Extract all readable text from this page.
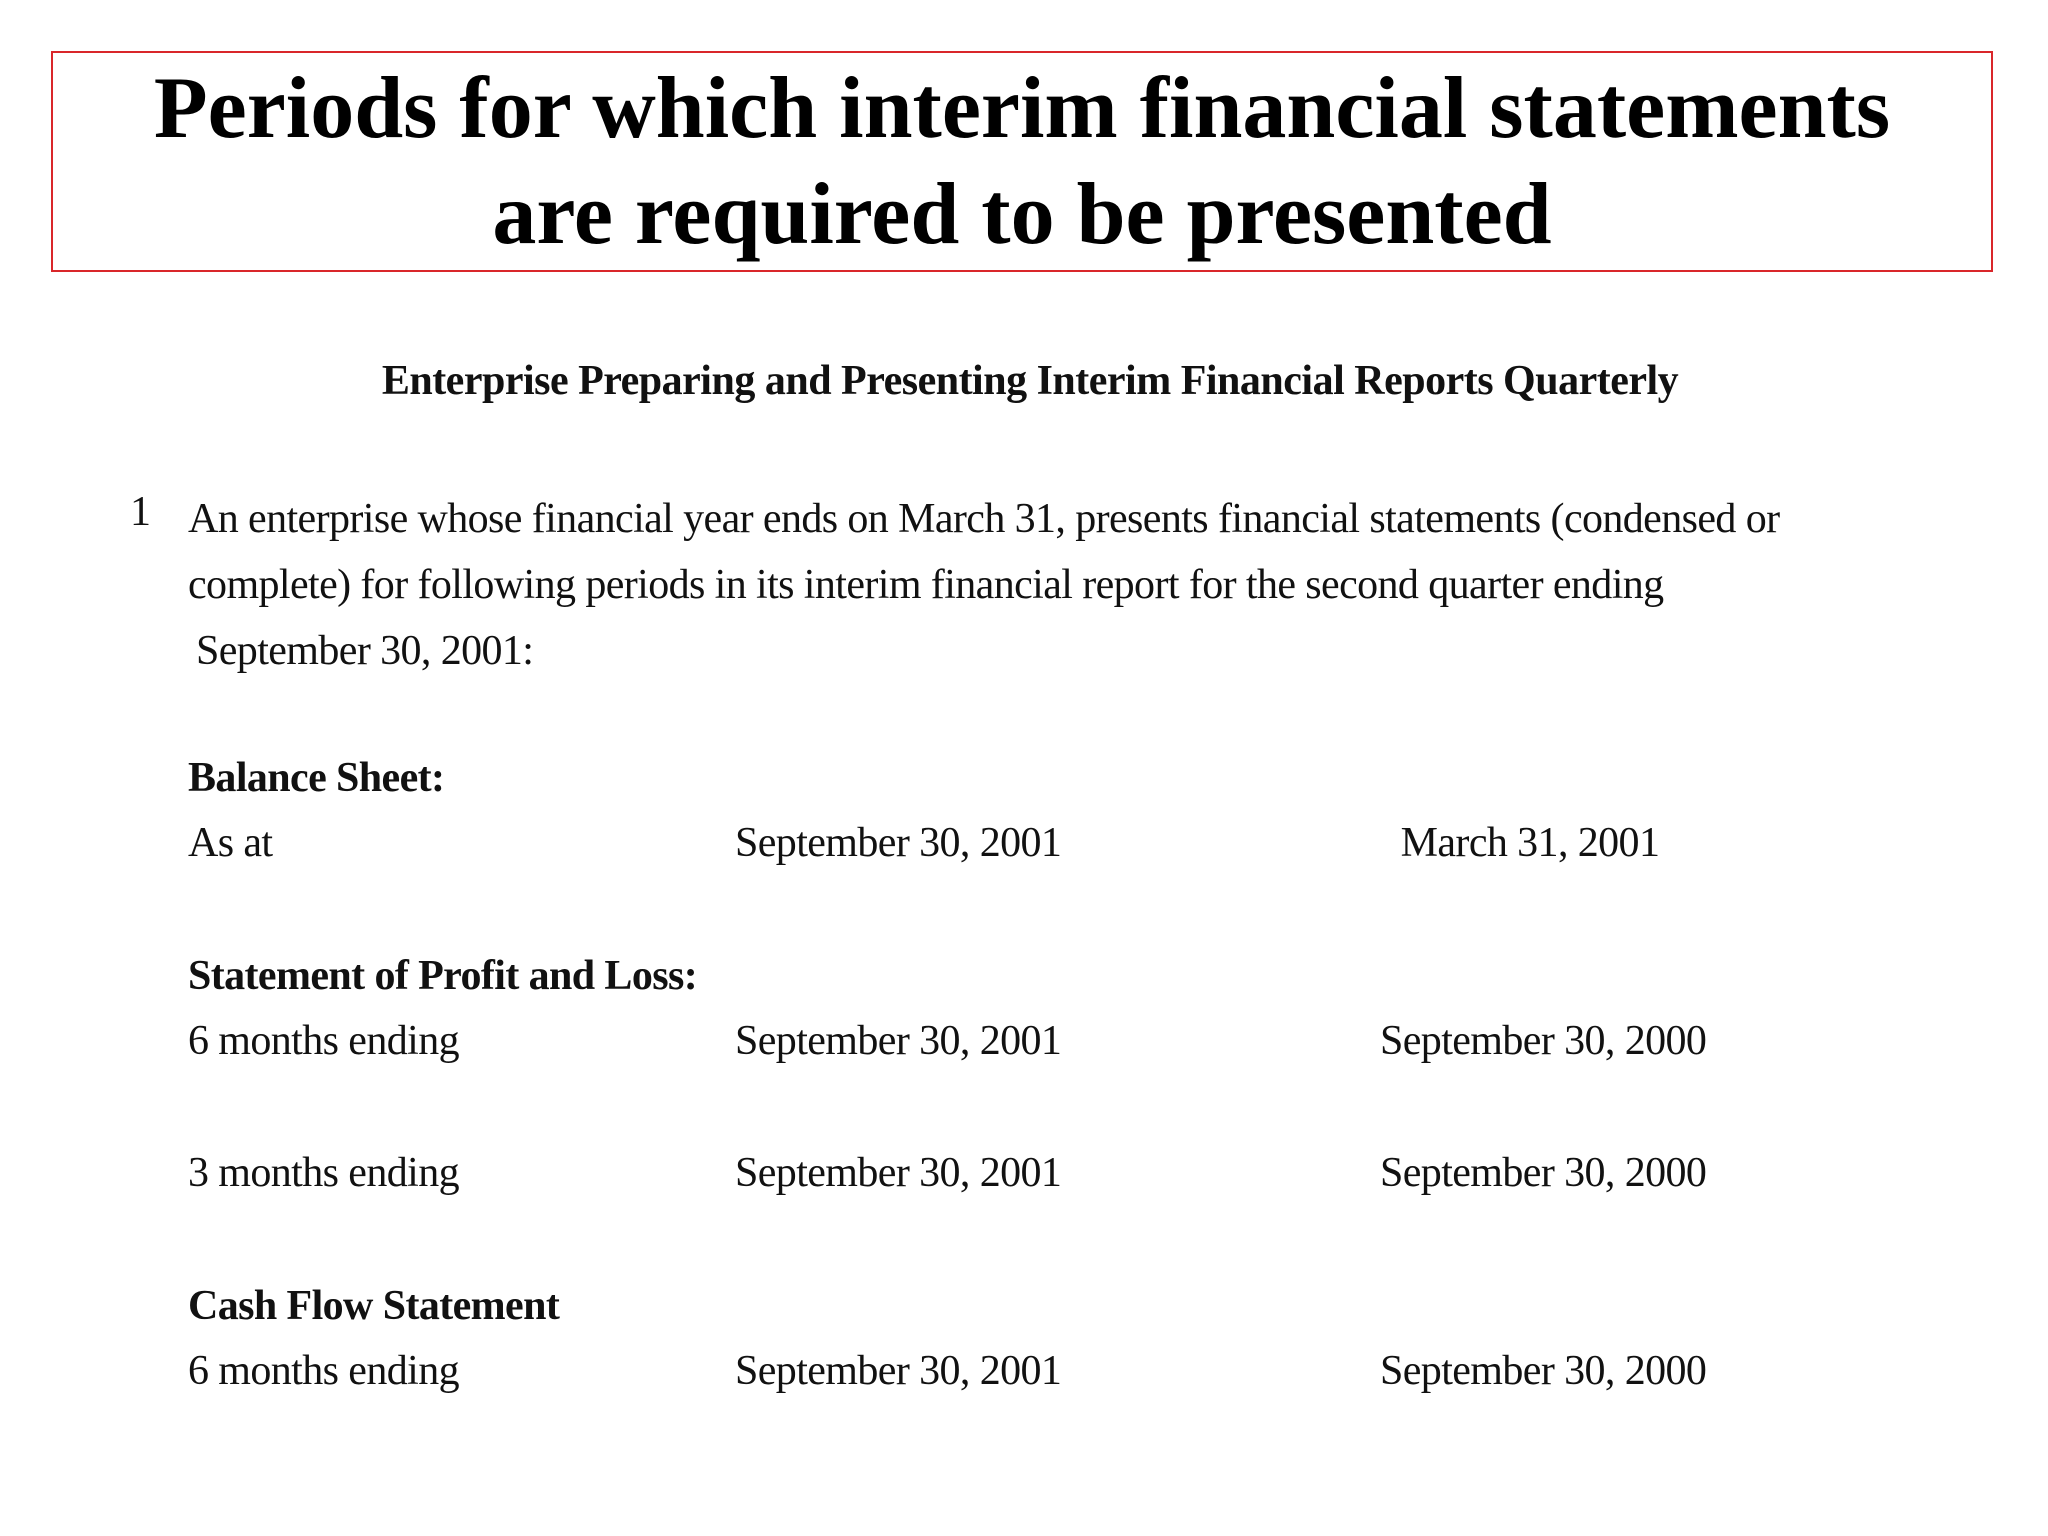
Periods for which interim financial statements
are required to be presented
Enterprise Preparing and Presenting Interim Financial Reports Quarterly
1 An enterprise whose financial year ends on March 31, presents financial statements (condensed or
complete) for following periods in its interim financial report for the second quarter ending
September 30, 2001:
Balance Sheet:
As at	September 30, 2001	March 31, 2001
Statement of Profit and Loss:
6 months ending	September 30, 2001	September 30, 2000
3 months ending	September 30, 2001	September 30, 2000
Cash Flow Statement
6 months ending	September 30, 2001	September 30, 2000
